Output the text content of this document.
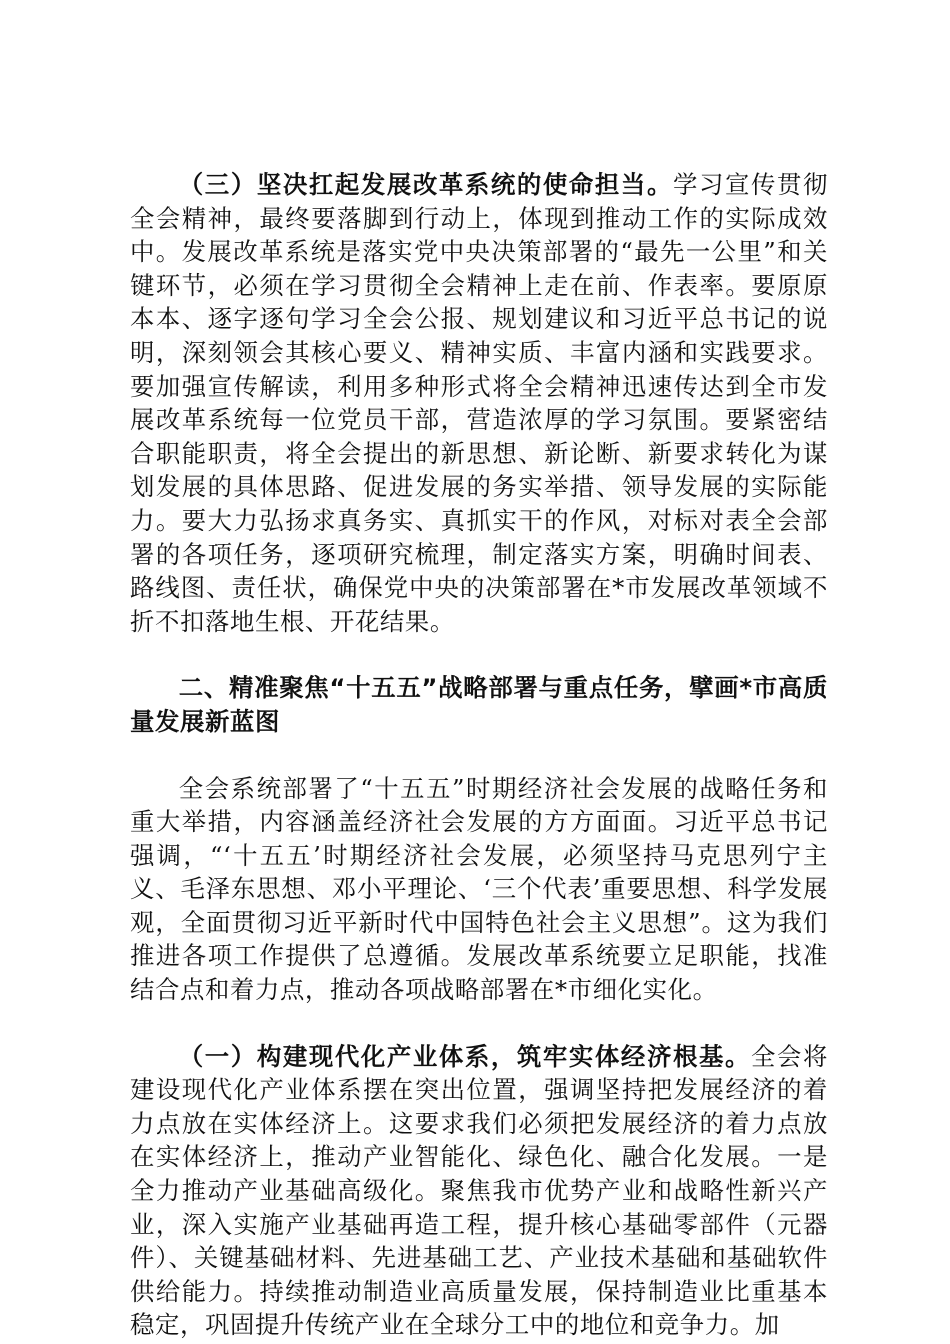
（三）坚决扛起发展改革系统的使命担当。学习宣传贯彻全会精神，最终要落脚到行动上，体现到推动工作的实际成效中。发展改革系统是落实党中央决策部署的“最先一公里”和关键环节，必须在学习贯彻全会精神上走在前、作表率。要原原本本、逐字逐句学习全会公报、规划建议和习近平总书记的说明，深刻领会其核心要义、精神实质、丰富内涵和实践要求。要加强宣传解读，利用多种形式将全会精神迅速传达到全市发展改革系统每一位党员干部，营造浓厚的学习氛围。要紧密结合职能职责，将全会提出的新思想、新论断、新要求转化为谋划发展的具体思路、促进发展的务实举措、领导发展的实际能力。要大力弘扬求真务实、真抓实干的作风，对标对表全会部署的各项任务，逐项研究梳理，制定落实方案，明确时间表、路线图、责任状，确保党中央的决策部署在*市发展改革领域不折不扣落地生根、开花结果。

二、精准聚焦“十五五”战略部署与重点任务，擘画*市高质量发展新蓝图

全会系统部署了“十五五”时期经济社会发展的战略任务和重大举措，内容涵盖经济社会发展的方方面面。习近平总书记强调，“‘十五五’时期经济社会发展，必须坚持马克思列宁主义、毛泽东思想、邓小平理论、‘三个代表’重要思想、科学发展观，全面贯彻习近平新时代中国特色社会主义思想”。这为我们推进各项工作提供了总遵循。发展改革系统要立足职能，找准结合点和着力点，推动各项战略部署在*市细化实化。

（一）构建现代化产业体系，筑牢实体经济根基。全会将建设现代化产业体系摆在突出位置，强调坚持把发展经济的着力点放在实体经济上。这要求我们必须把发展经济的着力点放在实体经济上，推动产业智能化、绿色化、融合化发展。一是全力推动产业基础高级化。聚焦我市优势产业和战略性新兴产业，深入实施产业基础再造工程，提升核心基础零部件（元器件）、关键基础材料、先进基础工艺、产业技术基础和基础软件供给能力。持续推动制造业高质量发展，保持制造业比重基本稳定，巩固提升传统产业在全球分工中的地位和竞争力。加
